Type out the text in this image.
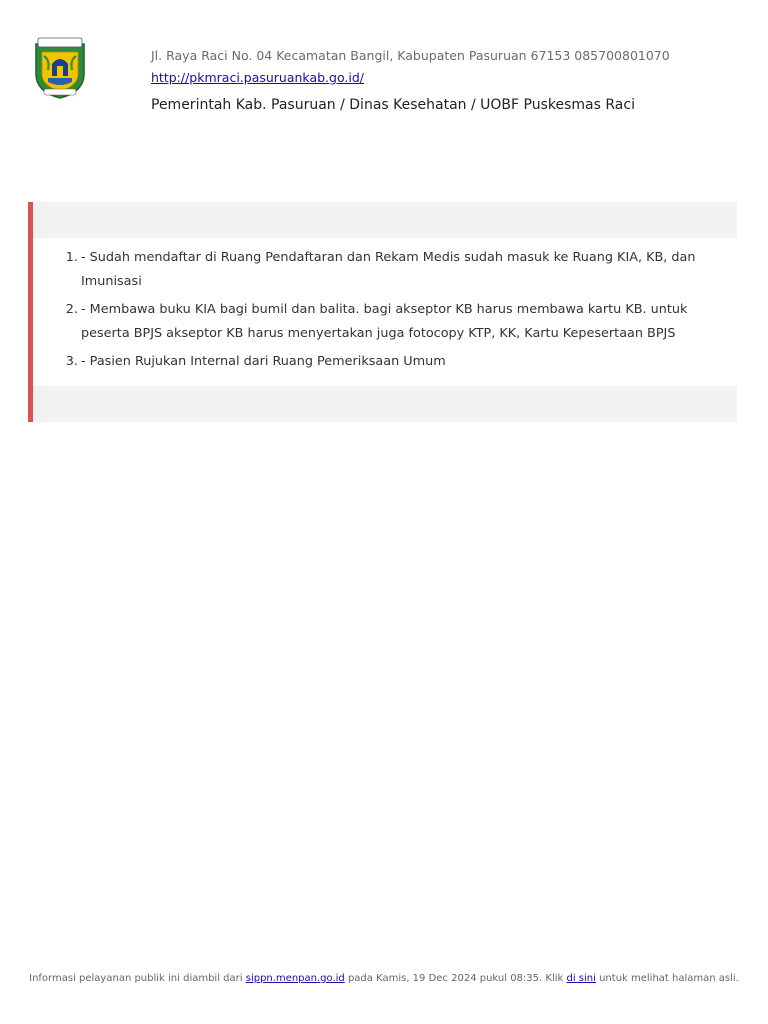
Jl. Raya Raci No. 04 Kecamatan Bangil, Kabupaten Pasuruan 67153 085700801070
http://pkmraci.pasuruankab.go.id/
Pemerintah Kab. Pasuruan / Dinas Kesehatan / UOBF Puskesmas Raci
1. - Sudah mendaftar di Ruang Pendaftaran dan Rekam Medis sudah masuk ke Ruang KIA, KB, dan Imunisasi
2. - Membawa buku KIA bagi bumil dan balita. bagi akseptor KB harus membawa kartu KB. untuk peserta BPJS akseptor KB harus menyertakan juga fotocopy KTP, KK, Kartu Kepesertaan BPJS
3. - Pasien Rujukan Internal dari Ruang Pemeriksaan Umum
Informasi pelayanan publik ini diambil dari sippn.menpan.go.id pada Kamis, 19 Dec 2024 pukul 08:35. Klik di sini untuk melihat halaman asli.
